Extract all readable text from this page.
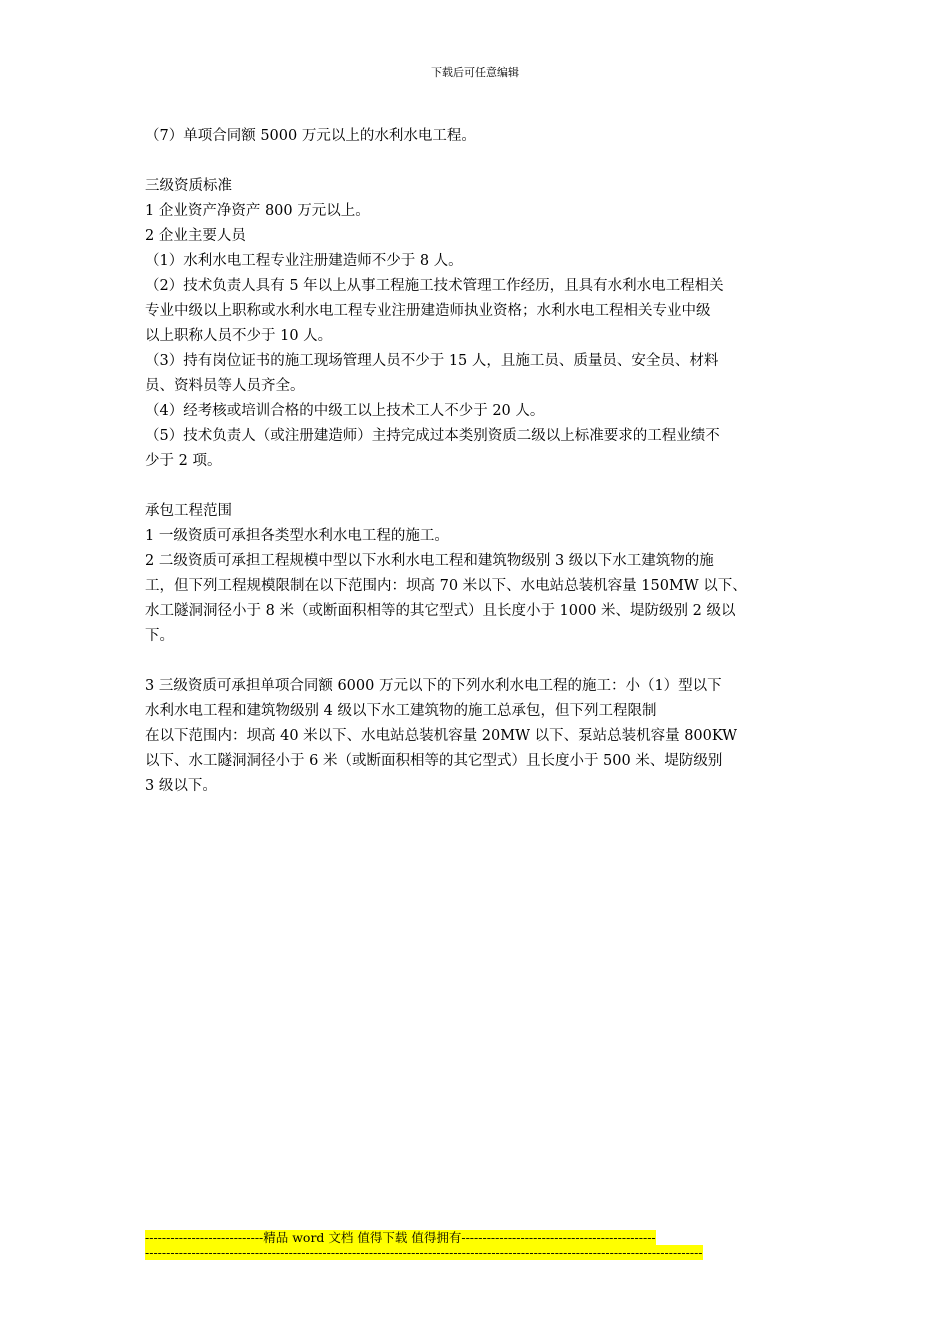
下载后可任意编辑
（7）单项合同额 5000 万元以上的水利水电工程。
三级资质标准
1 企业资产净资产 800 万元以上。
2 企业主要人员
（1）水利水电工程专业注册建造师不少于 8 人。
（2）技术负责人具有 5 年以上从事工程施工技术管理工作经历，且具有水利水电工程相关
专业中级以上职称或水利水电工程专业注册建造师执业资格；水利水电工程相关专业中级
以上职称人员不少于 10 人。
（3）持有岗位证书的施工现场管理人员不少于 15 人，且施工员、质量员、安全员、材料
员、资料员等人员齐全。
（4）经考核或培训合格的中级工以上技术工人不少于 20 人。
（5）技术负责人（或注册建造师）主持完成过本类别资质二级以上标准要求的工程业绩不
少于 2 项。
承包工程范围
1 一级资质可承担各类型水利水电工程的施工。
2 二级资质可承担工程规模中型以下水利水电工程和建筑物级别 3 级以下水工建筑物的施
工，但下列工程规模限制在以下范围内：坝高 70 米以下、水电站总装机容量 150MW 以下、
水工隧洞洞径小于 8 米（或断面积相等的其它型式）且长度小于 1000 米、堤防级别 2 级以
下。
3 三级资质可承担单项合同额 6000 万元以下的下列水利水电工程的施工：小（1）型以下
水利水电工程和建筑物级别 4 级以下水工建筑物的施工总承包，但下列工程限制
在以下范围内：坝高 40 米以下、水电站总装机容量 20MW 以下、泵站总装机容量 800KW
以下、水工隧洞洞径小于 6 米（或断面积相等的其它型式）且长度小于 500 米、堤防级别
3 级以下。
----------------------------精品 word 文档 值得下载 值得拥有----------------------------------------------
------------------------------------------------------------------------------------------------------------------------------------
